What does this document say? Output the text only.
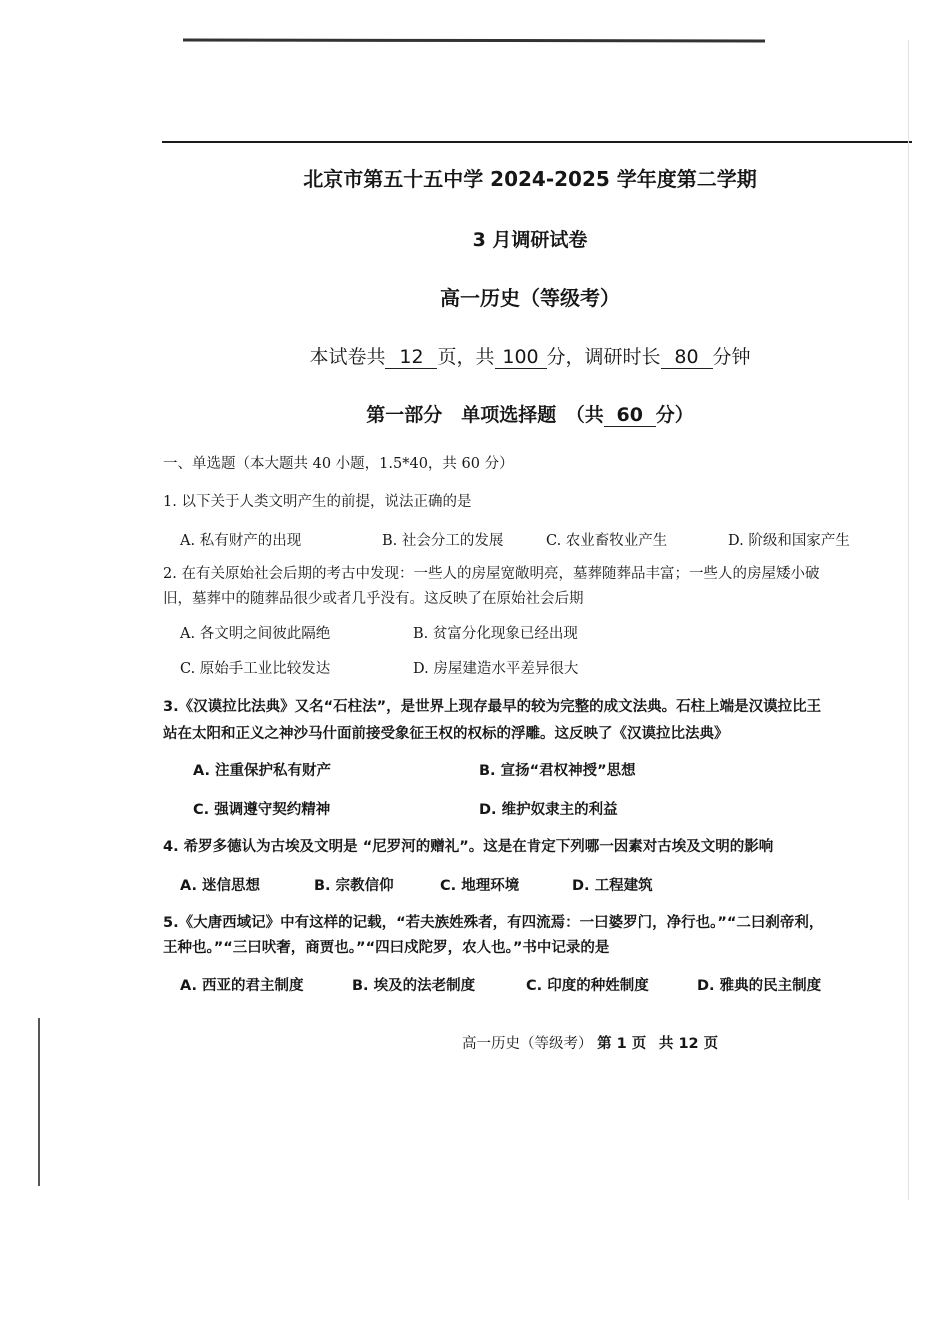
北京市第五十五中学 2024-2025 学年度第二学期
3 月调研试卷
高一历史（等级考）
本试卷共 12 页，共 100 分，调研时长 80 分钟
第一部分　单项选择题　（共 60 分）
一、单选题（本大题共 40 小题，1.5*40，共 60 分）
1. 以下关于人类文明产生的前提，说法正确的是
A. 私有财产的出现	B. 社会分工的发展	C. 农业畜牧业产生	D. 阶级和国家产生
2. 在有关原始社会后期的考古中发现：一些人的房屋宽敞明亮，墓葬随葬品丰富；一些人的房屋矮小破
旧，墓葬中的随葬品很少或者几乎没有。这反映了在原始社会后期
A. 各文明之间彼此隔绝	B. 贫富分化现象已经出现
C. 原始手工业比较发达	D. 房屋建造水平差异很大
3.《汉谟拉比法典》又名“石柱法”，是世界上现存最早的较为完整的成文法典。石柱上端是汉谟拉比王
站在太阳和正义之神沙马什面前接受象征王权的权标的浮雕。这反映了《汉谟拉比法典》
A. 注重保护私有财产	B. 宣扬“君权神授”思想
C. 强调遵守契约精神	D. 维护奴隶主的利益
4. 希罗多德认为古埃及文明是 “尼罗河的赠礼”。这是在肯定下列哪一因素对古埃及文明的影响
A. 迷信思想	B. 宗教信仰	C. 地理环境	D. 工程建筑
5.《大唐西域记》中有这样的记载，“若夫族姓殊者，有四流焉：一曰婆罗门，净行也。”“二曰刹帝利，
王种也。”“三曰吠奢，商贾也。”“四曰戍陀罗，农人也。”书中记录的是
A. 西亚的君主制度	B. 埃及的法老制度	C. 印度的种姓制度	D. 雅典的民主制度
高一历史（等级考） 第 1 页 共 12 页
